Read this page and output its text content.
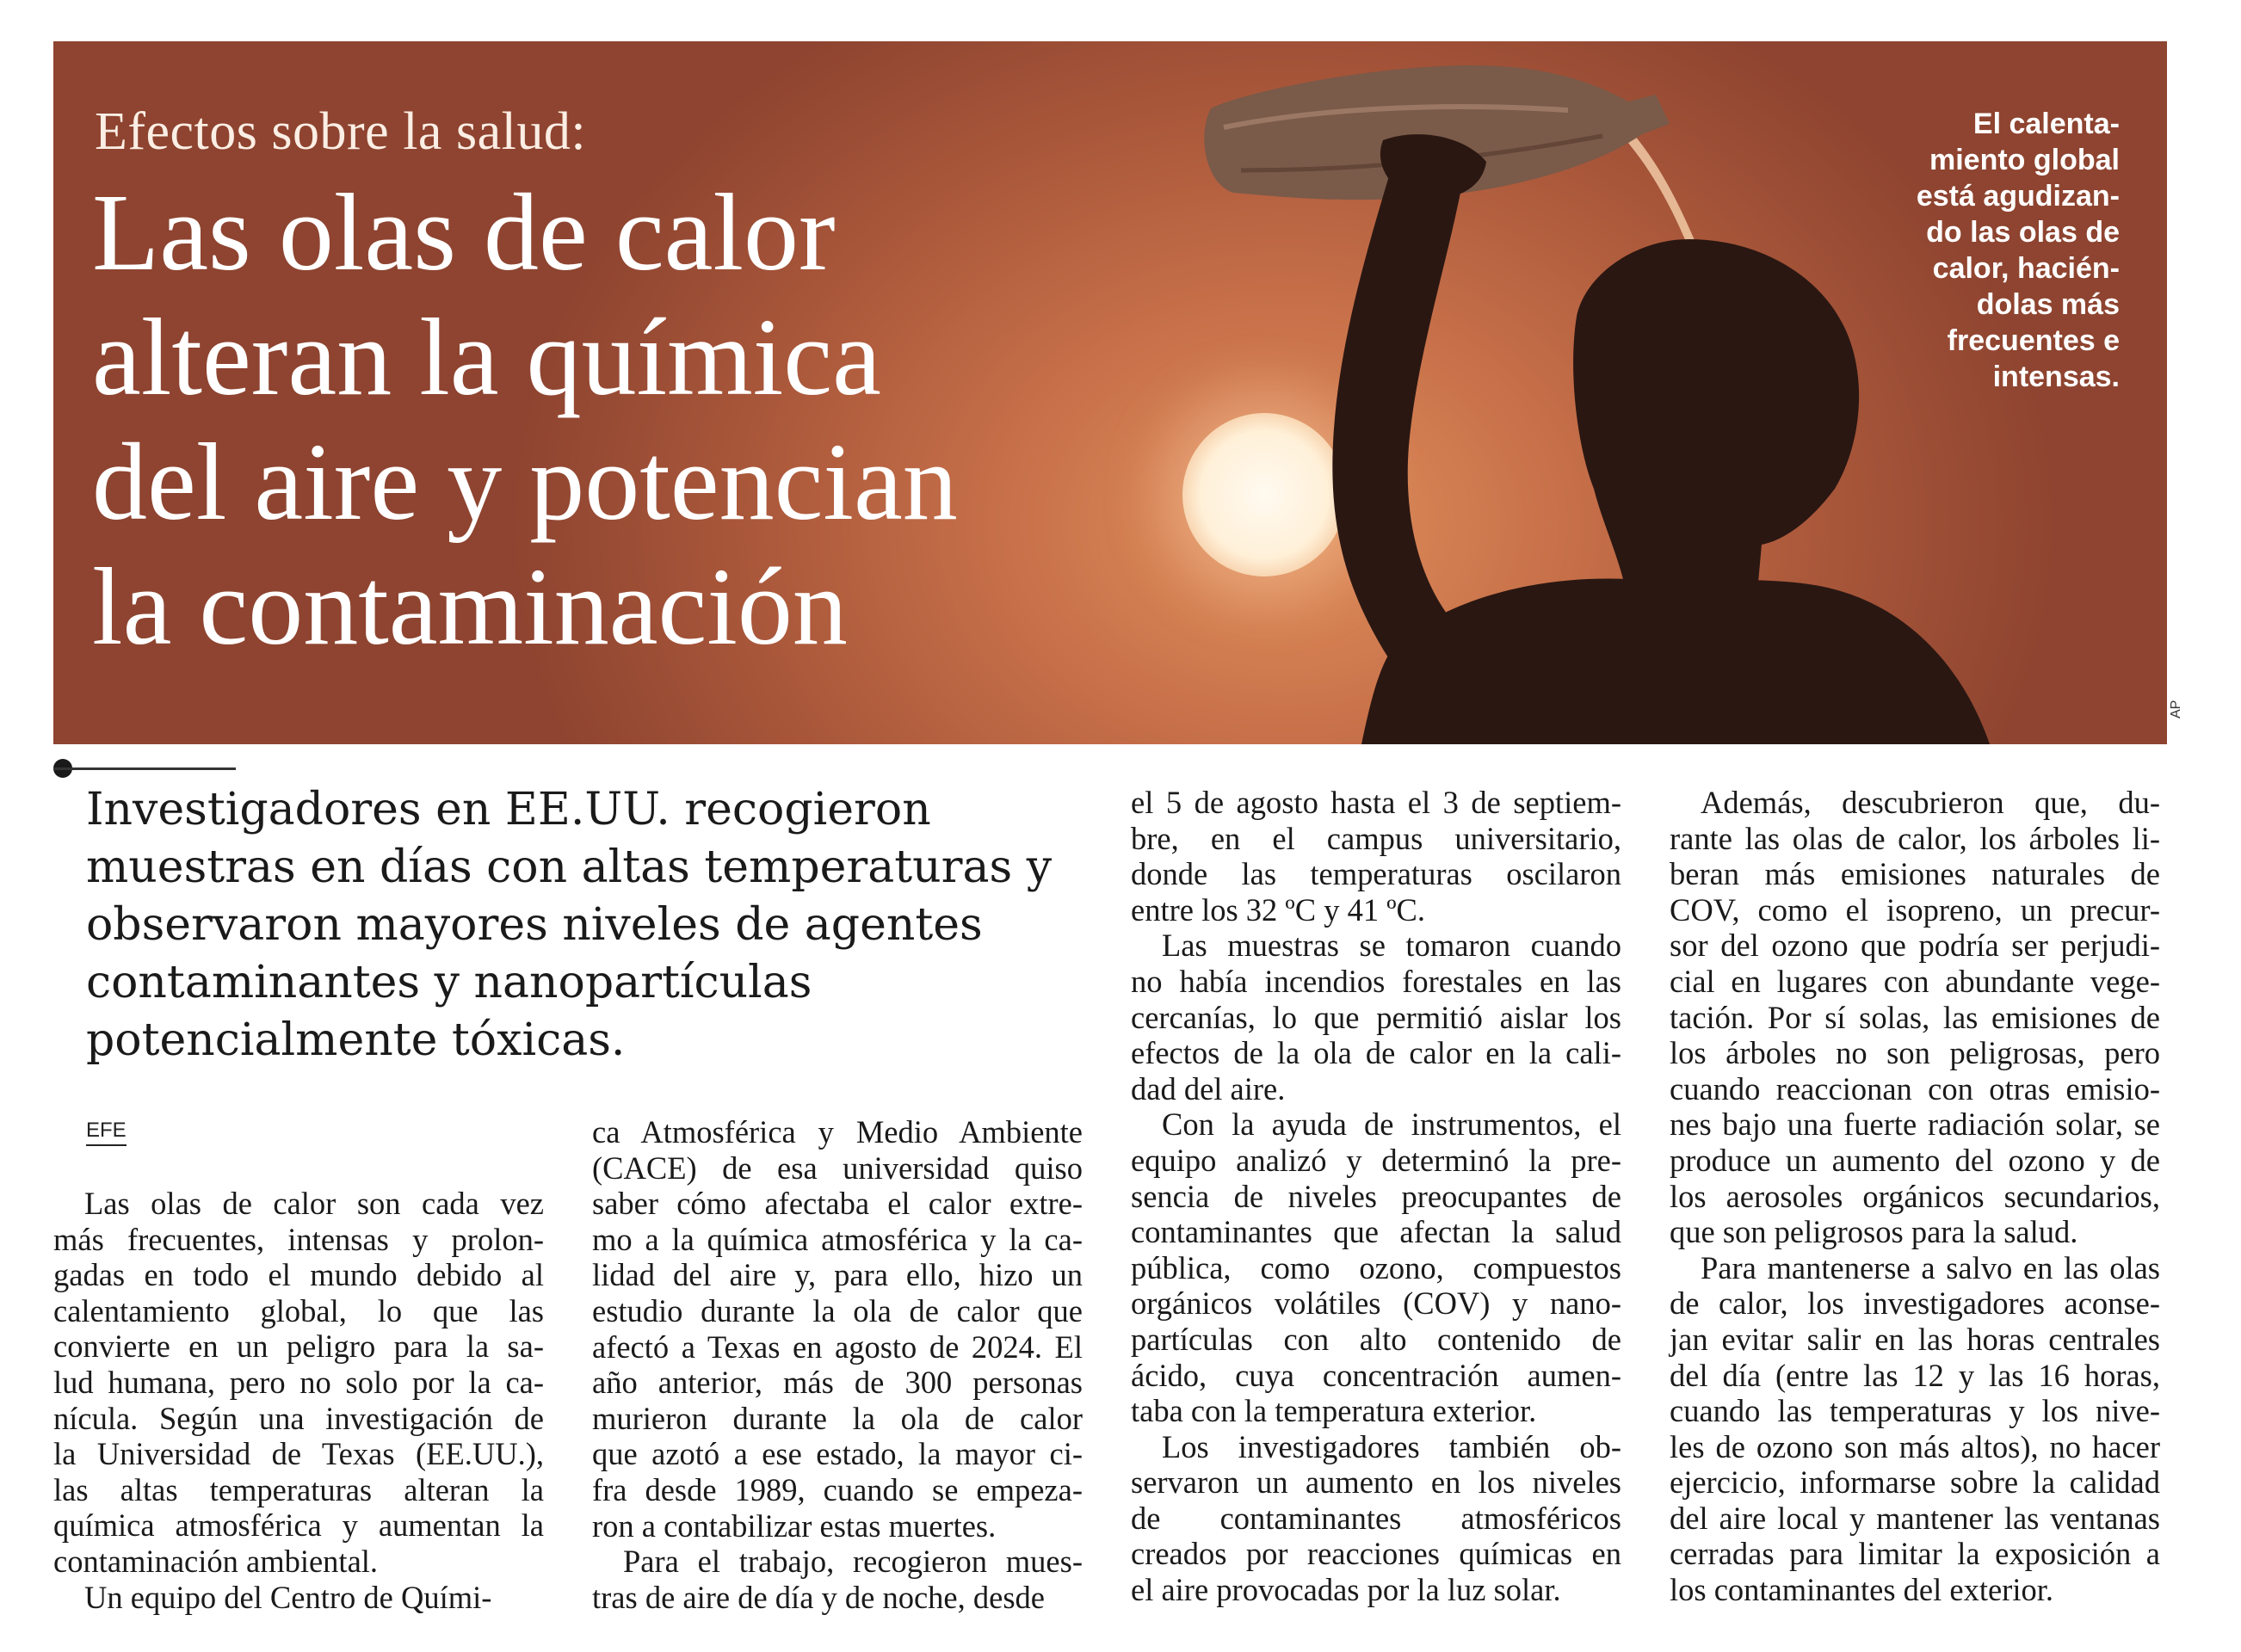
Efectos sobre la salud:
Las olas de calor
alteran la química
del aire y potencian
la contaminación
El calenta-
miento global
está agudizan-
do las olas de
calor, hacién-
dolas más
frecuentes e
intensas.
AP
Investigadores en EE.UU. recogieron
muestras en días con altas temperaturas y
observaron mayores niveles de agentes
contaminantes y nanopartículas
potencialmente tóxicas.
EFE
Las olas de calor son cada vez
más frecuentes, intensas y prolon-
gadas en todo el mundo debido al
calentamiento global, lo que las
convierte en un peligro para la sa-
lud humana, pero no solo por la ca-
nícula. Según una investigación de
la Universidad de Texas (EE.UU.),
las altas temperaturas alteran la
química atmosférica y aumentan la
contaminación ambiental.
Un equipo del Centro de Quími-
ca Atmosférica y Medio Ambiente
(CACE) de esa universidad quiso
saber cómo afectaba el calor extre-
mo a la química atmosférica y la ca-
lidad del aire y, para ello, hizo un
estudio durante la ola de calor que
afectó a Texas en agosto de 2024. El
año anterior, más de 300 personas
murieron durante la ola de calor
que azotó a ese estado, la mayor ci-
fra desde 1989, cuando se empeza-
ron a contabilizar estas muertes.
Para el trabajo, recogieron mues-
tras de aire de día y de noche, desde
el 5 de agosto hasta el 3 de septiem-
bre, en el campus universitario,
donde las temperaturas oscilaron
entre los 32 ºC y 41 ºC.
Las muestras se tomaron cuando
no había incendios forestales en las
cercanías, lo que permitió aislar los
efectos de la ola de calor en la cali-
dad del aire.
Con la ayuda de instrumentos, el
equipo analizó y determinó la pre-
sencia de niveles preocupantes de
contaminantes que afectan la salud
pública, como ozono, compuestos
orgánicos volátiles (COV) y nano-
partículas con alto contenido de
ácido, cuya concentración aumen-
taba con la temperatura exterior.
Los investigadores también ob-
servaron un aumento en los niveles
de contaminantes atmosféricos
creados por reacciones químicas en
el aire provocadas por la luz solar.
Además, descubrieron que, du-
rante las olas de calor, los árboles li-
beran más emisiones naturales de
COV, como el isopreno, un precur-
sor del ozono que podría ser perjudi-
cial en lugares con abundante vege-
tación. Por sí solas, las emisiones de
los árboles no son peligrosas, pero
cuando reaccionan con otras emisio-
nes bajo una fuerte radiación solar, se
produce un aumento del ozono y de
los aerosoles orgánicos secundarios,
que son peligrosos para la salud.
Para mantenerse a salvo en las olas
de calor, los investigadores aconse-
jan evitar salir en las horas centrales
del día (entre las 12 y las 16 horas,
cuando las temperaturas y los nive-
les de ozono son más altos), no hacer
ejercicio, informarse sobre la calidad
del aire local y mantener las ventanas
cerradas para limitar la exposición a
los contaminantes del exterior.
